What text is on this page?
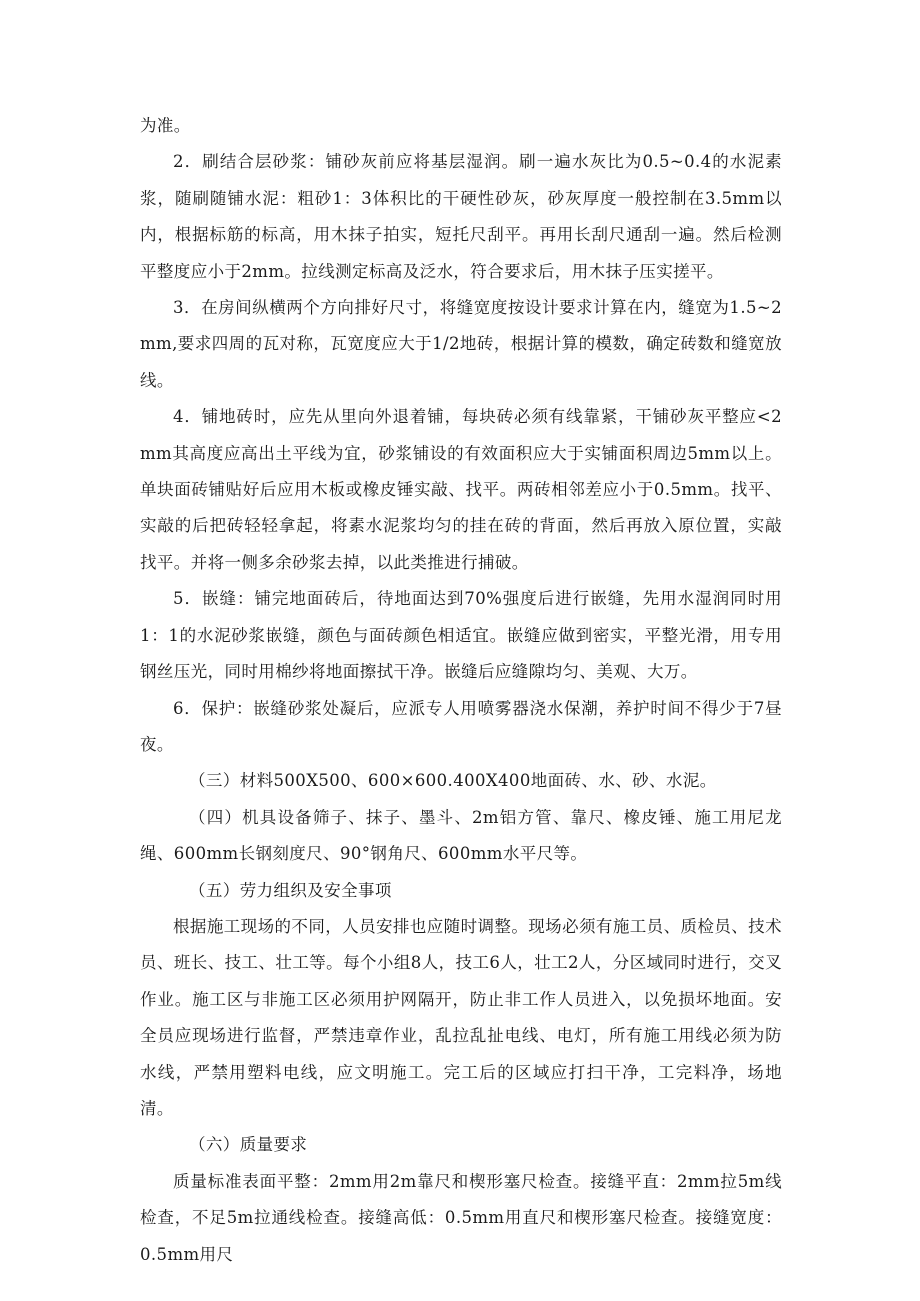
为准。

2．刷结合层砂浆：铺砂灰前应将基层湿润。刷一遍水灰比为0.5~0.4的水泥素浆，随刷随铺水泥：粗砂1：3体积比的干硬性砂灰，砂灰厚度一般控制在3.5mm以内，根据标筋的标高，用木抹子拍实，短托尺刮平。再用长刮尺通刮一遍。然后检测平整度应小于2mm。拉线测定标高及泛水，符合要求后，用木抹子压实搓平。

3．在房间纵横两个方向排好尺寸，将缝宽度按设计要求计算在内，缝宽为1.5~2mm,要求四周的瓦对称，瓦宽度应大于1/2地砖，根据计算的模数，确定砖数和缝宽放线。

4．铺地砖时，应先从里向外退着铺，每块砖必须有线靠紧，干铺砂灰平整应<2mm其高度应高出土平线为宜，砂浆铺设的有效面积应大于实铺面积周边5mm以上。单块面砖铺贴好后应用木板或橡皮锤实敲、找平。两砖相邻差应小于0.5mm。找平、实敲的后把砖轻轻拿起，将素水泥浆均匀的挂在砖的背面，然后再放入原位置，实敲找平。并将一侧多余砂浆去掉，以此类推进行捕破。

5．嵌缝：铺完地面砖后，待地面达到70%强度后进行嵌缝，先用水湿润同时用1：1的水泥砂浆嵌缝，颜色与面砖颜色相适宜。嵌缝应做到密实，平整光滑，用专用钢丝压光，同时用棉纱将地面擦拭干净。嵌缝后应缝隙均匀、美观、大万。

6．保护：嵌缝砂浆处凝后，应派专人用喷雾器浇水保潮，养护时间不得少于7昼夜。

（三）材料500X500、600×600.400X400地面砖、水、砂、水泥。

（四）机具设备筛子、抹子、墨斗、2m铝方管、靠尺、橡皮锤、施工用尼龙绳、600mm长钢刻度尺、90°钢角尺、600mm水平尺等。

（五）劳力组织及安全事项

根据施工现场的不同，人员安排也应随时调整。现场必须有施工员、质检员、技术员、班长、技工、壮工等。每个小组8人，技工6人，壮工2人，分区域同时进行，交叉作业。施工区与非施工区必须用护网隔开，防止非工作人员进入，以免损坏地面。安全员应现场进行监督，严禁违章作业，乱拉乱扯电线、电灯，所有施工用线必须为防水线，严禁用塑料电线，应文明施工。完工后的区域应打扫干净，工完料净，场地清。

（六）质量要求

质量标准表面平整：2mm用2m靠尺和楔形塞尺检查。接缝平直：2mm拉5m线检查，不足5m拉通线检查。接缝高低：0.5mm用直尺和楔形塞尺检查。接缝宽度：0.5mm用尺
